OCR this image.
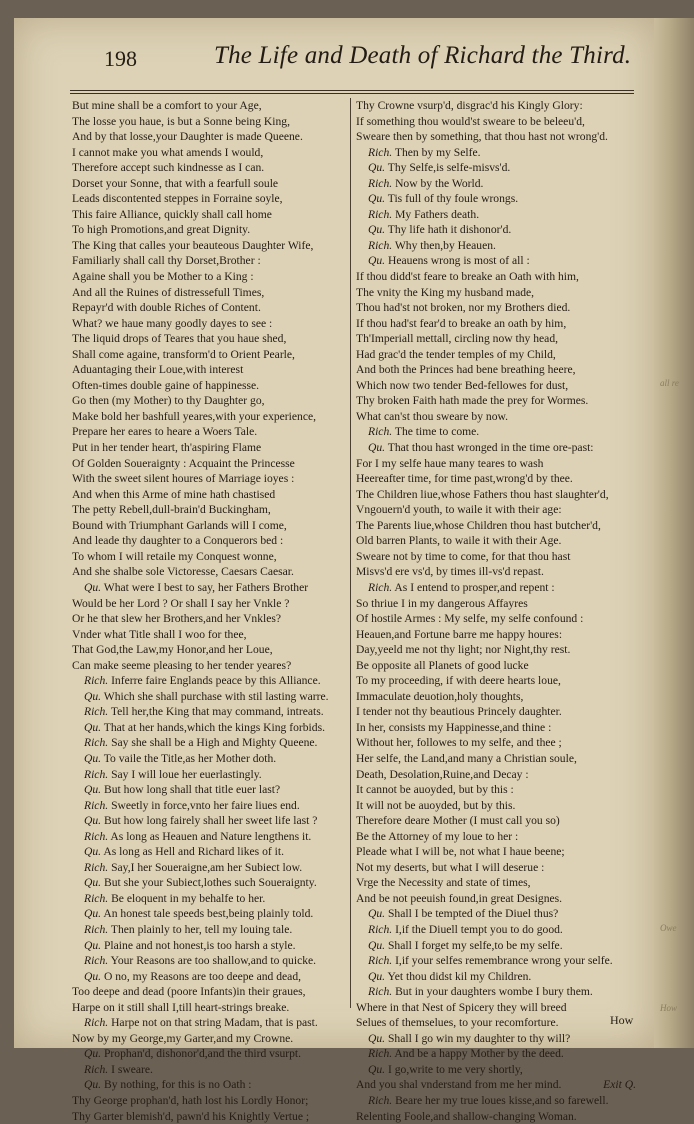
198	The Life and Death of Richard the Third.
But mine shall be a comfort to your Age,
The losse you haue, is but a Sonne being King,
And by that losse,your Daughter is made Queene.
I cannot make you what amends I would,
Therefore accept such kindnesse as I can.
Dorset your Sonne, that with a fearfull soule
Leads discontented steppes in Forraine soyle,
This faire Alliance, quickly shall call home
To high Promotions,and great Dignity.
The King that calles your beauteous Daughter Wife,
Familiarly shall call thy Dorset,Brother :
Againe shall you be Mother to a King :
And all the Ruines of distressefull Times,
Repayr'd with double Riches of Content.
What? we haue many goodly dayes to see :
The liquid drops of Teares that you haue shed,
Shall come againe, transform'd to Orient Pearle,
Aduantaging their Loue,with interest
Often-times double gaine of happinesse.
Go then (my Mother) to thy Daughter go,
Make bold her bashfull yeares,with your experience,
Prepare her eares to heare a Woers Tale.
Put in her tender heart, th'aspiring Flame
Of Golden Soueraignty : Acquaint the Princesse
With the sweet silent houres of Marriage ioyes :
And when this Arme of mine hath chastised
The petty Rebell,dull-brain'd Buckingham,
Bound with Triumphant Garlands will I come,
And leade thy daughter to a Conquerors bed :
To whom I will retaile my Conquest wonne,
And she shalbe sole Victoresse, Caesars Caesar.
Qu. What were I best to say, her Fathers Brother
Would be her Lord ? Or shall I say her Vnkle ?
Or he that slew her Brothers,and her Vnkles?
Vnder what Title shall I woo for thee,
That God,the Law,my Honor,and her Loue,
Can make seeme pleasing to her tender yeares?
Rich. Inferre faire Englands peace by this Alliance.
Qu. Which she shall purchase with stil lasting warre.
Rich. Tell her,the King that may command, intreats.
Qu. That at her hands,which the kings King forbids.
Rich. Say she shall be a High and Mighty Queene.
Qu. To vaile the Title,as her Mother doth.
Rich. Say I will loue her euerlastingly.
Qu. But how long shall that title euer last?
Rich. Sweetly in force,vnto her faire liues end.
Qu. But how long fairely shall her sweet life last ?
Rich. As long as Heauen and Nature lengthens it.
Qu. As long as Hell and Richard likes of it.
Rich. Say,I her Soueraigne,am her Subiect low.
Qu. But she your Subiect,lothes such Soueraignty.
Rich. Be eloquent in my behalfe to her.
Qu. An honest tale speeds best,being plainly told.
Rich. Then plainly to her, tell my louing tale.
Qu. Plaine and not honest,is too harsh a style.
Rich. Your Reasons are too shallow,and to quicke.
Qu. O no, my Reasons are too deepe and dead,
Too deepe and dead (poore Infants)in their graues,
Harpe on it still shall I,till heart-strings breake.
Rich. Harpe not on that string Madam, that is past.
Now by my George,my Garter,and my Crowne.
Qu. Prophan'd, dishonor'd,and the third vsurpt.
Rich. I sweare.
Qu. By nothing, for this is no Oath :
Thy George prophan'd, hath lost his Lordly Honor;
Thy Garter blemish'd, pawn'd his Knightly Vertue ;
Thy Crowne vsurp'd, disgrac'd his Kingly Glory:
If something thou would'st sweare to be beleeu'd,
Sweare then by something, that thou hast not wrong'd.
Rich. Then by my Selfe.
Qu. Thy Selfe,is selfe-misvs'd.
Rich. Now by the World.
Qu. Tis full of thy foule wrongs.
Rich. My Fathers death.
Qu. Thy life hath it dishonor'd.
Rich. Why then,by Heauen.
Qu. Heauens wrong is most of all :
If thou didd'st feare to breake an Oath with him,
The vnity the King my husband made,
Thou had'st not broken, nor my Brothers died.
If thou had'st fear'd to breake an oath by him,
Th'Imperiall mettall, circling now thy head,
Had grac'd the tender temples of my Child,
And both the Princes had bene breathing heere,
Which now two tender Bed-fellowes for dust,
Thy broken Faith hath made the prey for Wormes.
What can'st thou sweare by now.
Rich. The time to come.
Qu. That thou hast wronged in the time ore-past:
For I my selfe haue many teares to wash
Heereafter time, for time past,wrong'd by thee.
The Children liue,whose Fathers thou hast slaughter'd,
Vngouern'd youth, to waile it with their age:
The Parents liue,whose Children thou hast butcher'd,
Old barren Plants, to waile it with their Age.
Sweare not by time to come, for that thou hast
Misvs'd ere vs'd, by times ill-vs'd repast.
Rich. As I entend to prosper,and repent :
So thriue I in my dangerous Affayres
Of hostile Armes : My selfe, my selfe confound :
Heauen,and Fortune barre me happy houres:
Day,yeeld me not thy light; nor Night,thy rest.
Be opposite all Planets of good lucke
To my proceeding, if with deere hearts loue,
Immaculate deuotion,holy thoughts,
I tender not thy beautious Princely daughter.
In her, consists my Happinesse,and thine :
Without her, followes to my selfe, and thee ;
Her selfe, the Land,and many a Christian soule,
Death, Desolation,Ruine,and Decay :
It cannot be auoyded, but by this :
It will not be auoyded, but by this.
Therefore deare Mother (I must call you so)
Be the Attorney of my loue to her :
Pleade what I will be, not what I haue beene;
Not my deserts, but what I will deserue :
Vrge the Necessity and state of times,
And be not peeuish found,in great Designes.
Qu. Shall I be tempted of the Diuel thus?
Rich. I,if the Diuell tempt you to do good.
Qu. Shall I forget my selfe,to be my selfe.
Rich. I,if your selfes remembrance wrong your selfe.
Qu. Yet thou didst kil my Children.
Rich. But in your daughters wombe I bury them.
Where in that Nest of Spicery they will breed
Selues of themselues, to your recomforture.
Qu. Shall I go win my daughter to thy will?
Rich. And be a happy Mother by the deed.
Qu. I go,write to me very shortly,
And you shal vnderstand from me her mind.	Exit Q.
Rich. Beare her my true loues kisse,and so farewell.
Relenting Foole,and shallow-changing Woman.
How
all re
Owe
How
